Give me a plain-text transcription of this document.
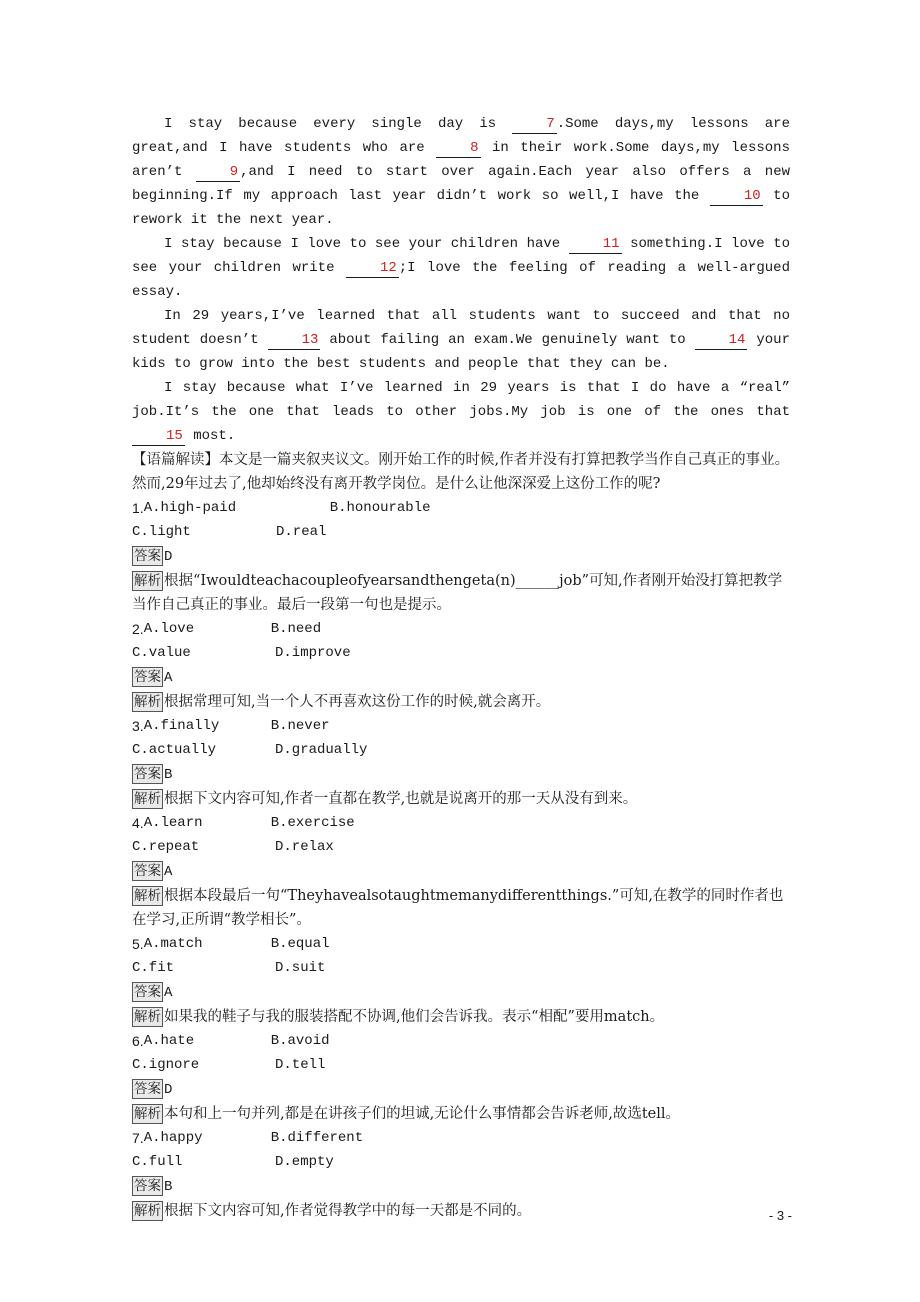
I stay because every single day is 7 .Some days,my lessons are great,and I have students who are 8 in their work.Some days,my lessons aren’t 9 ,and I need to start over again.Each year also offers a new beginning.If my approach last year didn’t work so well,I have the 10 to rework it the next year.

I stay because I love to see your children have 11 something.I love to see your children write 12 ;I love the feeling of reading a well-argued essay.

In 29 years,I’ve learned that all students want to succeed and that no student doesn’t 13 about failing an exam.We genuinely want to 14 your kids to grow into the best students and people that they can be.

I stay because what I’ve learned in 29 years is that I do have a “real” job.It’s the one that leads to other jobs.My job is one of the ones that 15 most.

【语篇解读】本文是一篇夹叙夹议文。刚开始工作的时候,作者并没有打算把教学当作自己真正的事业。然而,29年过去了,他却始终没有离开教学岗位。是什么让他深深爱上这份工作的呢?

1. A.high-paid	B.honourable
C.light	D.real

答案 D

解析 根据“Iwouldteachacoupleofyearsandthengeta(n)______job”可知,作者刚开始没打算把教学当作自己真正的事业。最后一段第一句也是提示。

2. A.love	B.need
C.value	D.improve

答案 A

解析 根据常理可知,当一个人不再喜欢这份工作的时候,就会离开。

3. A.finally	B.never
C.actually	D.gradually

答案 B

解析 根据下文内容可知,作者一直都在教学,也就是说离开的那一天从没有到来。

4. A.learn	B.exercise
C.repeat	D.relax

答案 A

解析 根据本段最后一句“Theyhavealsotaughtmemanydifferentthings.”可知,在教学的同时作者也在学习,正所谓“教学相长”。

5. A.match	B.equal
C.fit	D.suit

答案 A

解析 如果我的鞋子与我的服装搭配不协调,他们会告诉我。表示“相配”要用match。

6. A.hate	B.avoid
C.ignore	D.tell

答案 D

解析 本句和上一句并列,都是在讲孩子们的坦诚,无论什么事情都会告诉老师,故选tell。

7. A.happy	B.different
C.full	D.empty

答案 B

解析 根据下文内容可知,作者觉得教学中的每一天都是不同的。	- 3 -
